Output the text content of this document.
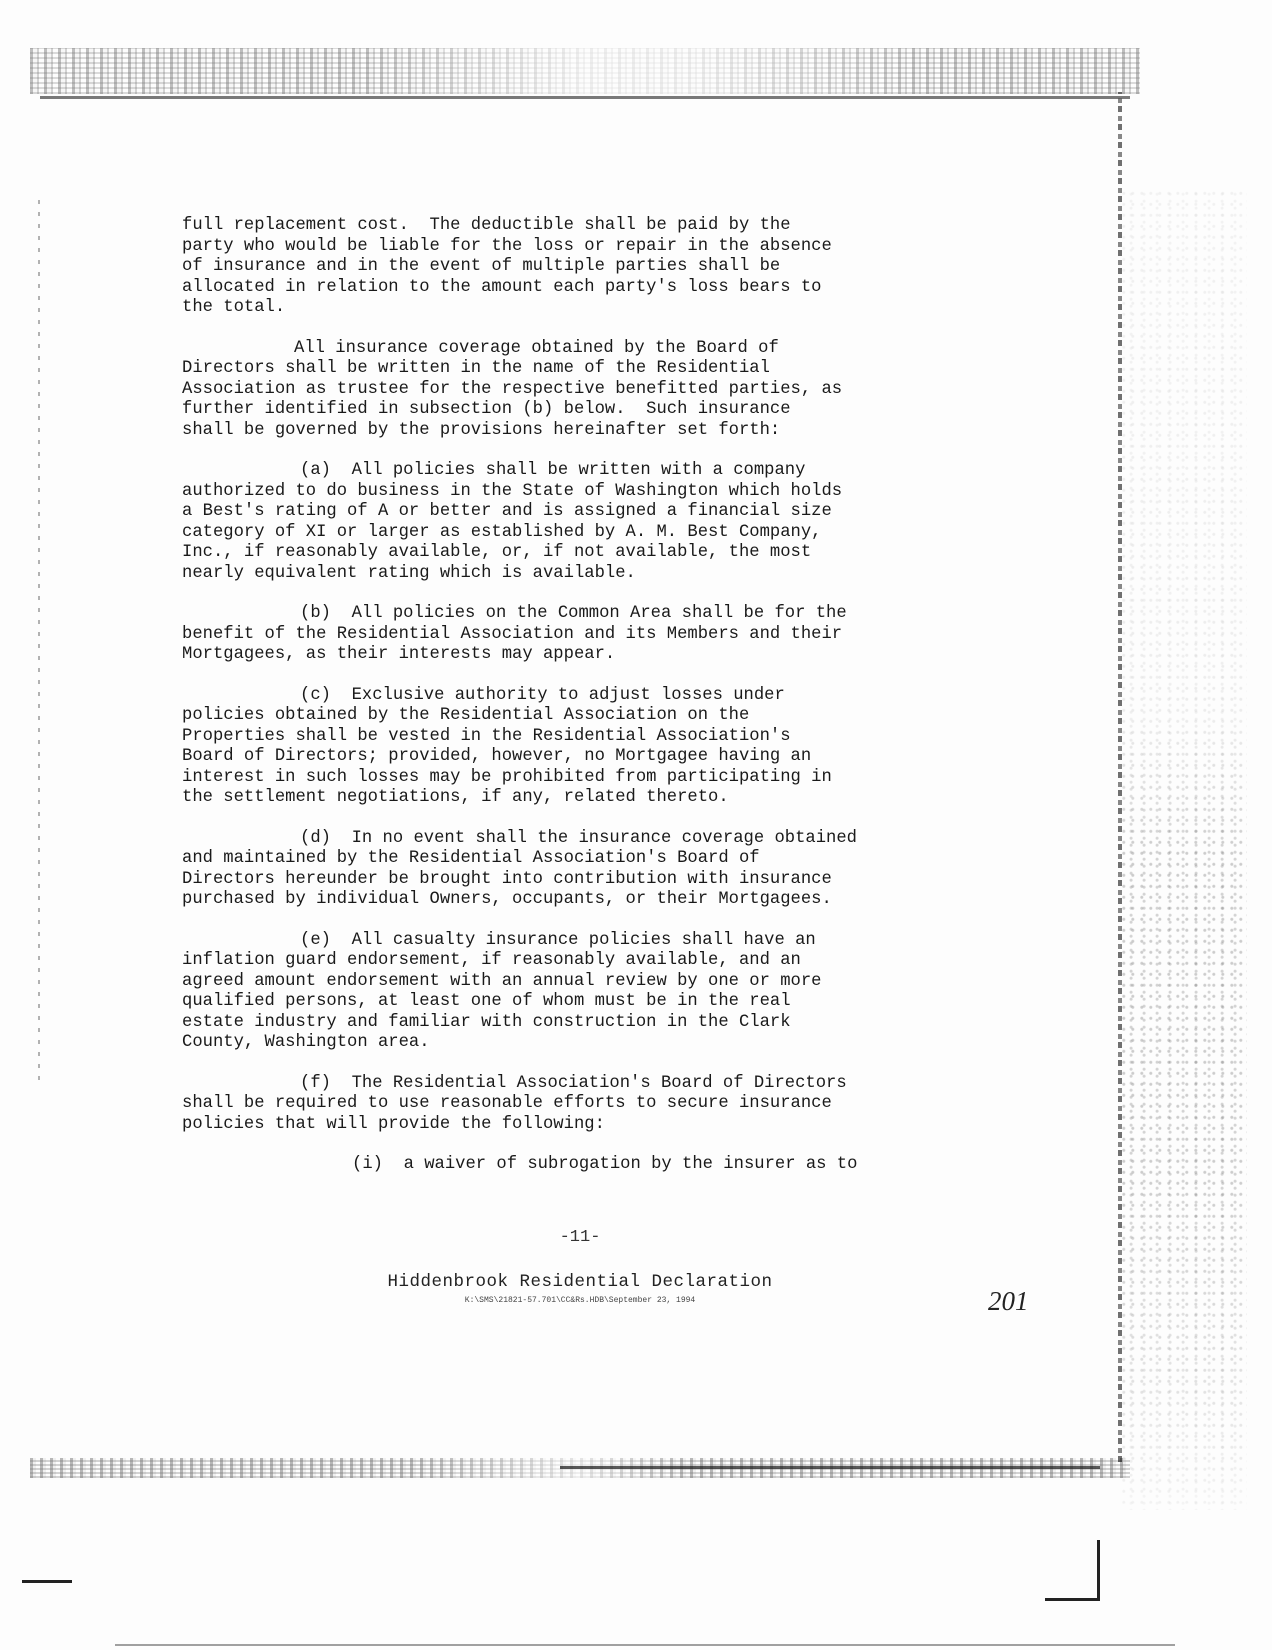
full replacement cost.  The deductible shall be paid by the
party who would be liable for the loss or repair in the absence
of insurance and in the event of multiple parties shall be
allocated in relation to the amount each party's loss bears to
the total.

All insurance coverage obtained by the Board of
Directors shall be written in the name of the Residential
Association as trustee for the respective benefitted parties, as
further identified in subsection (b) below.  Such insurance
shall be governed by the provisions hereinafter set forth:

(a)  All policies shall be written with a company
authorized to do business in the State of Washington which holds
a Best's rating of A or better and is assigned a financial size
category of XI or larger as established by A. M. Best Company,
Inc., if reasonably available, or, if not available, the most
nearly equivalent rating which is available.

(b)  All policies on the Common Area shall be for the
benefit of the Residential Association and its Members and their
Mortgagees, as their interests may appear.

(c)  Exclusive authority to adjust losses under
policies obtained by the Residential Association on the
Properties shall be vested in the Residential Association's
Board of Directors; provided, however, no Mortgagee having an
interest in such losses may be prohibited from participating in
the settlement negotiations, if any, related thereto.

(d)  In no event shall the insurance coverage obtained
and maintained by the Residential Association's Board of
Directors hereunder be brought into contribution with insurance
purchased by individual Owners, occupants, or their Mortgagees.

(e)  All casualty insurance policies shall have an
inflation guard endorsement, if reasonably available, and an
agreed amount endorsement with an annual review by one or more
qualified persons, at least one of whom must be in the real
estate industry and familiar with construction in the Clark
County, Washington area.

(f)  The Residential Association's Board of Directors
shall be required to use reasonable efforts to secure insurance
policies that will provide the following:

(i)  a waiver of subrogation by the insurer as to

-11-
Hiddenbrook Residential Declaration
K:\SMS\21821-57.701\CC&Rs.HDB\September 23, 1994	201
